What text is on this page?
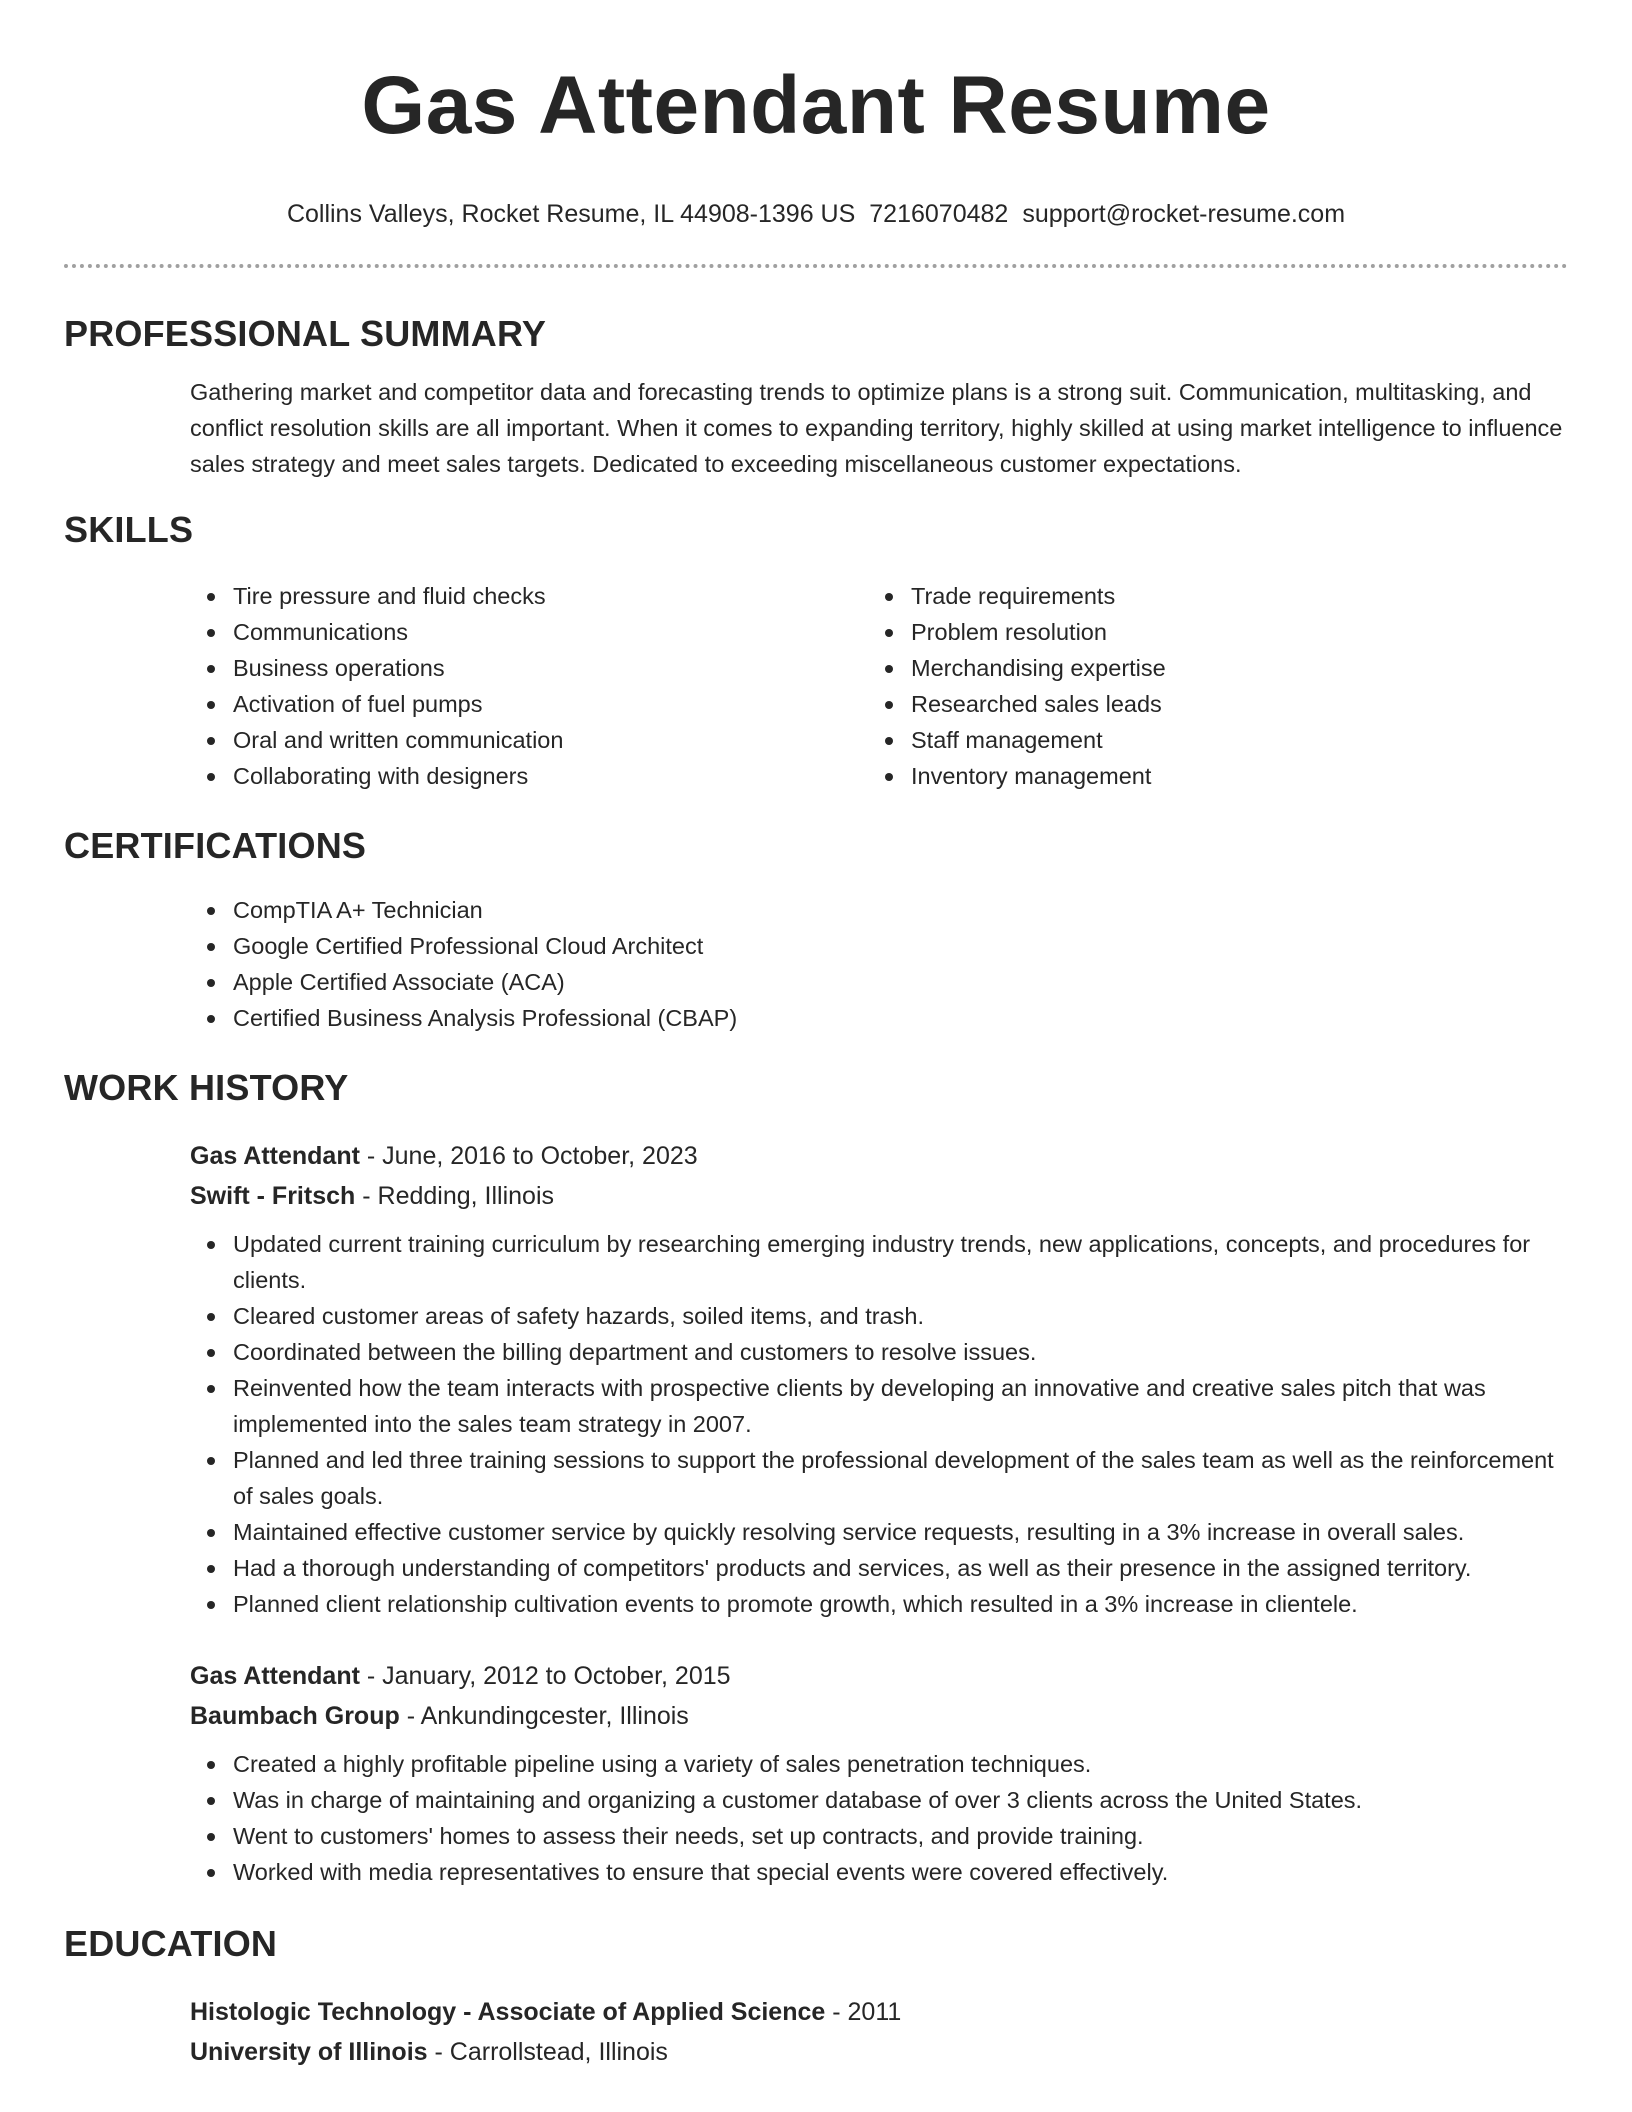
Gas Attendant Resume
Collins Valleys, Rocket Resume, IL 44908-1396 US 7216070482 support@rocket-resume.com
PROFESSIONAL SUMMARY

Gathering market and competitor data and forecasting trends to optimize plans is a strong suit. Communication, multitasking, and conflict resolution skills are all important. When it comes to expanding territory, highly skilled at using market intelligence to influence sales strategy and meet sales targets. Dedicated to exceeding miscellaneous customer expectations.

SKILLS
Tire pressure and fluid checks
Communications
Business operations
Activation of fuel pumps
Oral and written communication
Collaborating with designers
Trade requirements
Problem resolution
Merchandising expertise
Researched sales leads
Staff management
Inventory management
CERTIFICATIONS
CompTIA A+ Technician
Google Certified Professional Cloud Architect
Apple Certified Associate (ACA)
Certified Business Analysis Professional (CBAP)
WORK HISTORY
Gas Attendant - June, 2016 to October, 2023
Swift - Fritsch - Redding, Illinois
Updated current training curriculum by researching emerging industry trends, new applications, concepts, and procedures for clients.
Cleared customer areas of safety hazards, soiled items, and trash.
Coordinated between the billing department and customers to resolve issues.
Reinvented how the team interacts with prospective clients by developing an innovative and creative sales pitch that was implemented into the sales team strategy in 2007.
Planned and led three training sessions to support the professional development of the sales team as well as the reinforcement of sales goals.
Maintained effective customer service by quickly resolving service requests, resulting in a 3% increase in overall sales.
Had a thorough understanding of competitors' products and services, as well as their presence in the assigned territory.
Planned client relationship cultivation events to promote growth, which resulted in a 3% increase in clientele.
Gas Attendant - January, 2012 to October, 2015
Baumbach Group - Ankundingcester, Illinois
Created a highly profitable pipeline using a variety of sales penetration techniques.
Was in charge of maintaining and organizing a customer database of over 3 clients across the United States.
Went to customers' homes to assess their needs, set up contracts, and provide training.
Worked with media representatives to ensure that special events were covered effectively.
EDUCATION
Histologic Technology - Associate of Applied Science - 2011
University of Illinois - Carrollstead, Illinois
